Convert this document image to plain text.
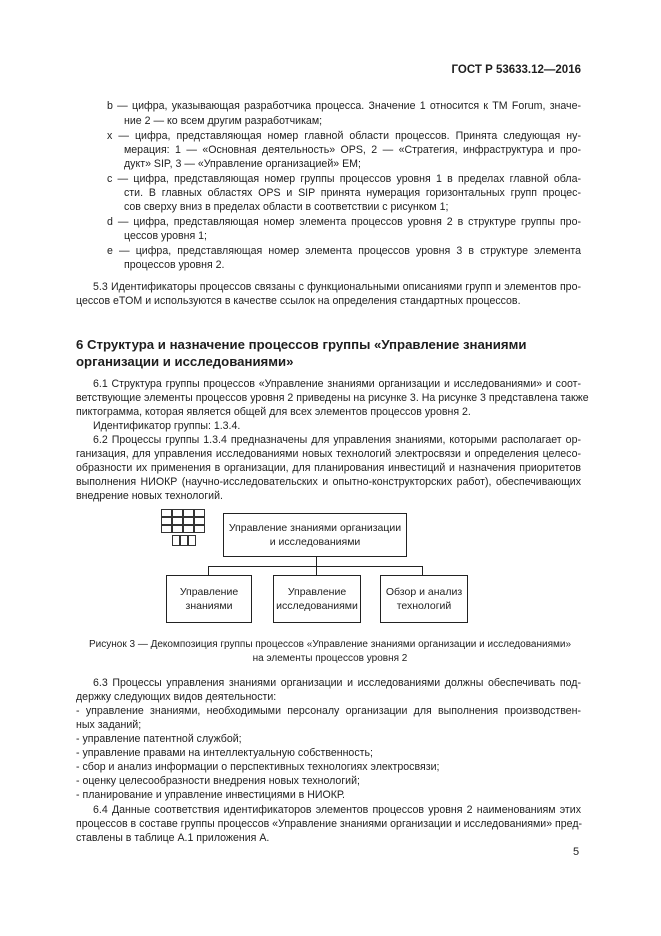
ГОСТ Р 53633.12—2016
b — цифра, указывающая разработчика процесса. Значение 1 относится к TM Forum, значе-
ние 2 — ко всем другим разработчикам;
x — цифра, представляющая номер главной области процессов. Принята следующая ну-
мерация: 1 — «Основная деятельность» OPS, 2 — «Стратегия, инфраструктура и про-
дукт» SIP, 3 — «Управление организацией» EM;
c — цифра, представляющая номер группы процессов уровня 1 в пределах главной обла-
сти. В главных областях OPS и SIP принята нумерация горизонтальных групп процес-
сов сверху вниз в пределах области в соответствии с рисунком 1;
d — цифра, представляющая номер элемента процессов уровня 2 в структуре группы про-
цессов уровня 1;
e — цифра, представляющая номер элемента процессов уровня 3 в структуре элемента
процессов уровня 2.
5.3 Идентификаторы процессов связаны с функциональными описаниями групп и элементов про-
цессов eTOM и используются в качестве ссылок на определения стандартных процессов.
6 Структура и назначение процессов группы «Управление знаниями
организации и исследованиями»
6.1 Структура группы процессов «Управление знаниями организации и исследованиями» и соот-
ветствующие элементы процессов уровня 2 приведены на рисунке 3. На рисунке 3 представлена также
пиктограмма, которая является общей для всех элементов процессов уровня 2.
Идентификатор группы: 1.3.4.
6.2 Процессы группы 1.3.4 предназначены для управления знаниями, которыми располагает ор-
ганизация, для управления исследованиями новых технологий электросвязи и определения целесо-
образности их применения в организации, для планирования инвестиций и назначения приоритетов
выполнения НИОКР (научно-исследовательских и опытно-конструкторских работ), обеспечивающих
внедрение новых технологий.
Управление знаниями организации
и исследованиями
Управление
знаниями
Управление
исследованиями
Обзор и анализ
технологий
Рисунок 3 — Декомпозиция группы процессов «Управление знаниями организации и исследованиями»
на элементы процессов уровня 2
6.3 Процессы управления знаниями организации и исследованиями должны обеспечивать под-
держку следующих видов деятельности:
- управление знаниями, необходимыми персоналу организации для выполнения производствен-
ных заданий;
- управление патентной службой;
- управление правами на интеллектуальную собственность;
- сбор и анализ информации о перспективных технологиях электросвязи;
- оценку целесообразности внедрения новых технологий;
- планирование и управление инвестициями в НИОКР.
6.4 Данные соответствия идентификаторов элементов процессов уровня 2 наименованиям этих
процессов в составе группы процессов «Управление знаниями организации и исследованиями» пред-
ставлены в таблице А.1 приложения А.
5
